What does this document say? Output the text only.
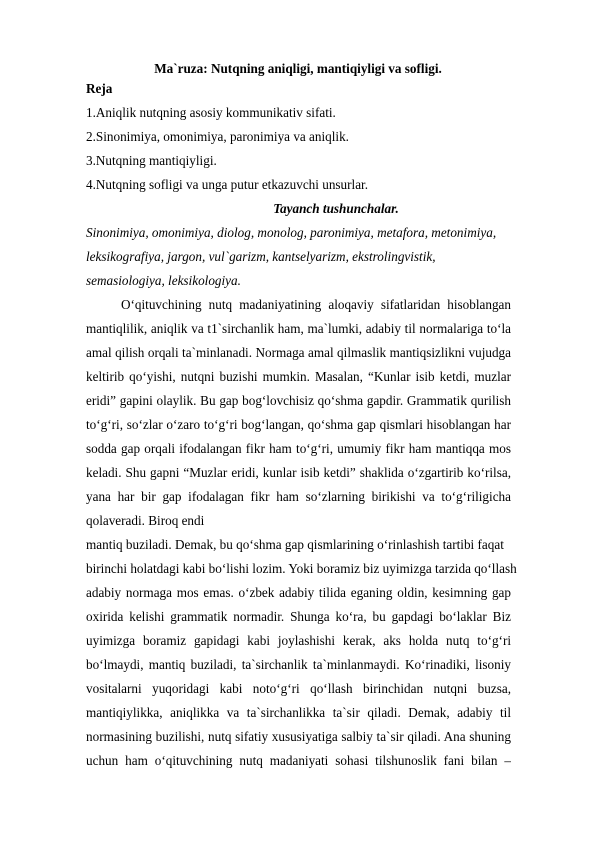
Ma`ruza: Nutqning aniqligi, mantiqiyligi va sofligi.
Reja
1.Aniqlik nutqning asosiy kommunikativ sifati.
2.Sinonimiya, omonimiya, paronimiya va aniqlik.
3.Nutqning mantiqiyligi.
4.Nutqning sofligi va unga putur etkazuvchi unsurlar.
Tayanch tushunchalar.
Sinonimiya, omonimiya, diolog, monolog, paronimiya, metafora, metonimiya,
leksikografiya, jargon, vul`garizm, kantselyarizm, ekstrolingvistik,
semasiologiya, leksikologiya.
O‘qituvchining nutq madaniyatining aloqaviy sifatlaridan hisoblangan
mantiqlilik, aniqlik va t1`sirchanlik ham, ma`lumki, adabiy til normalariga to‘la
amal qilish orqali ta`minlanadi. Normaga amal qilmaslik mantiqsizlikni vujudga
keltirib qo‘yishi, nutqni buzishi mumkin. Masalan, “Kunlar isib ketdi, muzlar
eridi” gapini olaylik. Bu gap bog‘lovchisiz qo‘shma gapdir. Grammatik qurilish
to‘g‘ri, so‘zlar o‘zaro to‘g‘ri bog‘langan, qo‘shma gap qismlari hisoblangan har
sodda gap orqali ifodalangan fikr ham to‘g‘ri, umumiy fikr ham mantiqqa mos
keladi. Shu gapni “Muzlar eridi, kunlar isib ketdi” shaklida o‘zgartirib ko‘rilsa,
yana har bir gap ifodalagan fikr ham so‘zlarning birikishi va to‘g‘riligicha
qolaveradi. Biroq endi
mantiq buziladi. Demak, bu qo‘shma gap qismlarining o‘rinlashish tartibi faqat
birinchi holatdagi kabi bo‘lishi lozim. Yoki boramiz biz uyimizga tarzida qo‘llash
adabiy normaga mos emas. o‘zbek adabiy tilida eganing oldin, kesimning gap
oxirida kelishi grammatik normadir. Shunga ko‘ra, bu gapdagi bo‘laklar Biz
uyimizga boramiz gapidagi kabi joylashishi kerak, aks holda nutq to‘g‘ri
bo‘lmaydi, mantiq buziladi, ta`sirchanlik ta`minlanmaydi. Ko‘rinadiki, lisoniy
vositalarni yuqoridagi kabi noto‘g‘ri qo‘llash birinchidan nutqni buzsa,
mantiqiylikka, aniqlikka va ta`sirchanlikka ta`sir qiladi. Demak, adabiy til
normasining buzilishi, nutq sifatiy xususiyatiga salbiy ta`sir qiladi. Ana shuning
uchun ham o‘qituvchining nutq madaniyati sohasi tilshunoslik fani bilan –
